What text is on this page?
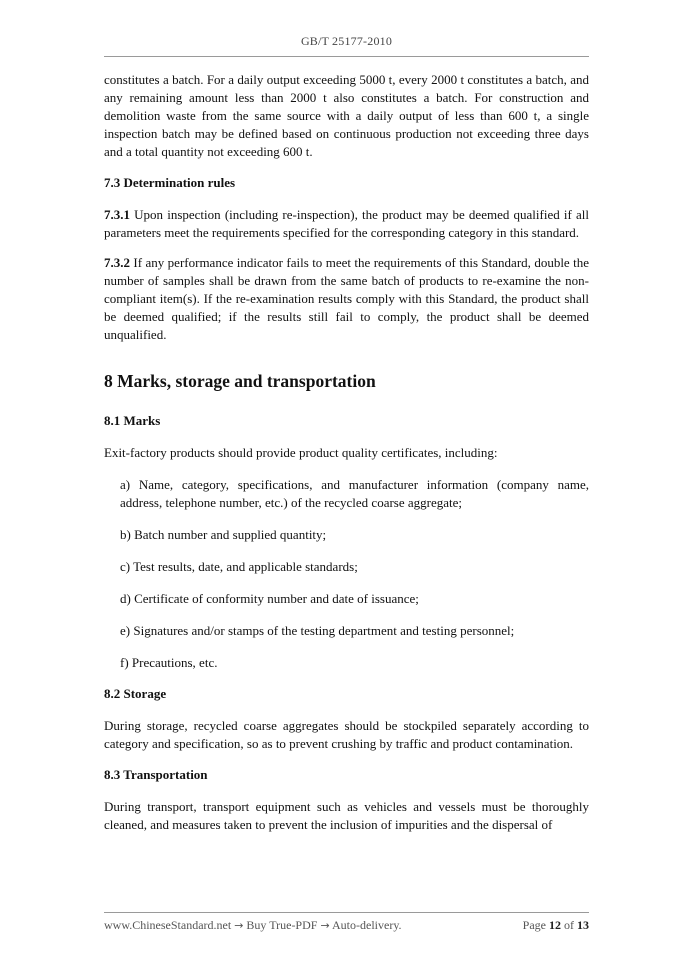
GB/T 25177-2010

constitutes a batch. For a daily output exceeding 5000 t, every 2000 t constitutes a batch, and any remaining amount less than 2000 t also constitutes a batch. For construction and demolition waste from the same source with a daily output of less than 600 t, a single inspection batch may be defined based on continuous production not exceeding three days and a total quantity not exceeding 600 t.

7.3 Determination rules

7.3.1 Upon inspection (including re-inspection), the product may be deemed qualified if all parameters meet the requirements specified for the corresponding category in this standard.

7.3.2 If any performance indicator fails to meet the requirements of this Standard, double the number of samples shall be drawn from the same batch of products to re-examine the non-compliant item(s). If the re-examination results comply with this Standard, the product shall be deemed qualified; if the results still fail to comply, the product shall be deemed unqualified.

8 Marks, storage and transportation

8.1 Marks

Exit-factory products should provide product quality certificates, including:

a) Name, category, specifications, and manufacturer information (company name, address, telephone number, etc.) of the recycled coarse aggregate;

b) Batch number and supplied quantity;

c) Test results, date, and applicable standards;

d) Certificate of conformity number and date of issuance;

e) Signatures and/or stamps of the testing department and testing personnel;

f) Precautions, etc.

8.2 Storage

During storage, recycled coarse aggregates should be stockpiled separately according to category and specification, so as to prevent crushing by traffic and product contamination.

8.3 Transportation

During transport, transport equipment such as vehicles and vessels must be thoroughly cleaned, and measures taken to prevent the inclusion of impurities and the dispersal of

www.ChineseStandard.net → Buy True-PDF → Auto-delivery.	Page 12 of 13
